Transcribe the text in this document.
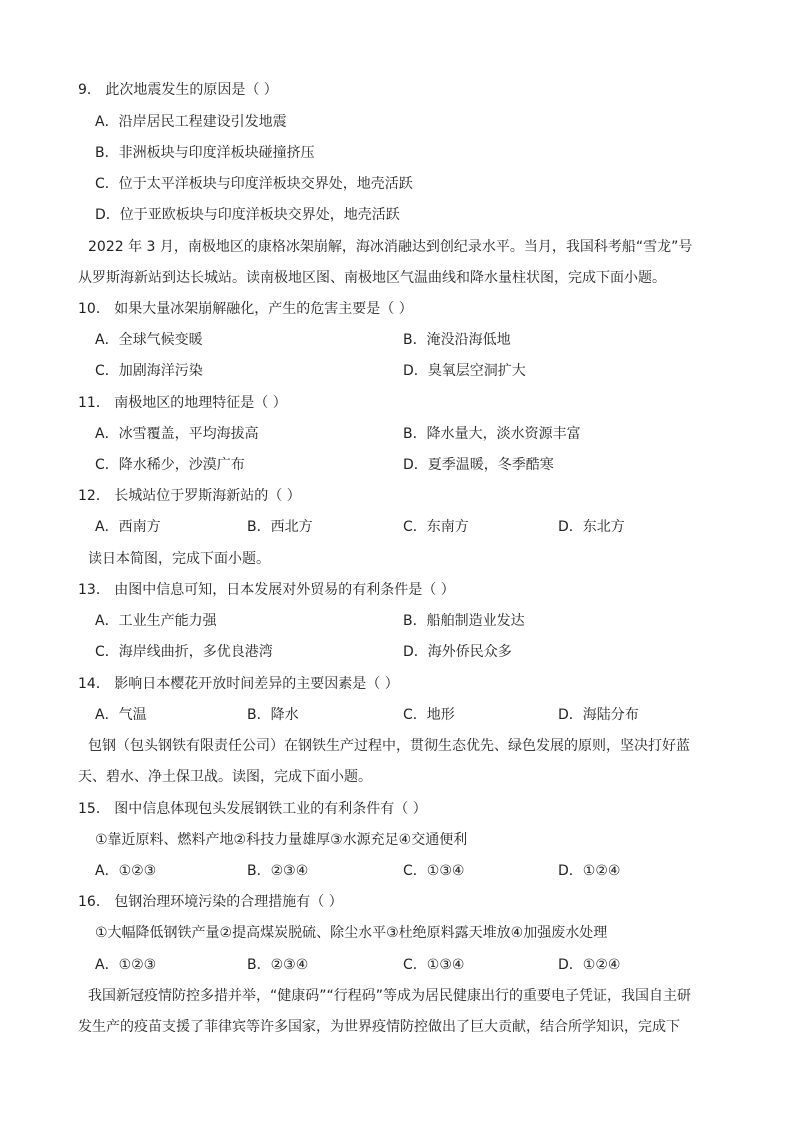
9． 此次地震发生的原因是（ ）
A．沿岸居民工程建设引发地震
B．非洲板块与印度洋板块碰撞挤压
C．位于太平洋板块与印度洋板块交界处，地壳活跃
D．位于亚欧板块与印度洋板块交界处，地壳活跃
2022 年 3 月，南极地区的康格冰架崩解，海冰消融达到创纪录水平。当月，我国科考船“雪龙”号
从罗斯海新站到达长城站。读南极地区图、南极地区气温曲线和降水量柱状图，完成下面小题。
10． 如果大量冰架崩解融化，产生的危害主要是（ ）
A．全球气候变暖	B．淹没沿海低地
C．加剧海洋污染	D．臭氧层空洞扩大
11． 南极地区的地理特征是（ ）
A．冰雪覆盖，平均海拔高	B．降水量大，淡水资源丰富
C．降水稀少，沙漠广布	D．夏季温暖，冬季酷寒
12． 长城站位于罗斯海新站的（ ）
A．西南方	B．西北方	C．东南方	D．东北方
读日本简图，完成下面小题。
13． 由图中信息可知，日本发展对外贸易的有利条件是（ ）
A．工业生产能力强	B．船舶制造业发达
C．海岸线曲折，多优良港湾	D．海外侨民众多
14． 影响日本樱花开放时间差异的主要因素是（ ）
A．气温	B．降水	C．地形	D．海陆分布
包钢（包头钢铁有限责任公司）在钢铁生产过程中，贯彻生态优先、绿色发展的原则，坚决打好蓝
天、碧水、净土保卫战。读图，完成下面小题。
15． 图中信息体现包头发展钢铁工业的有利条件有（ ）
①靠近原料、燃料产地②科技力量雄厚③水源充足④交通便利
A．①②③	B．②③④	C．①③④	D．①②④
16． 包钢治理环境污染的合理措施有（ ）
①大幅降低钢铁产量②提高煤炭脱硫、除尘水平③杜绝原料露天堆放④加强废水处理
A．①②③	B．②③④	C．①③④	D．①②④
我国新冠疫情防控多措并举，“健康码”“行程码”等成为居民健康出行的重要电子凭证，我国自主研
发生产的疫苗支援了菲律宾等许多国家，为世界疫情防控做出了巨大贡献，结合所学知识，完成下
